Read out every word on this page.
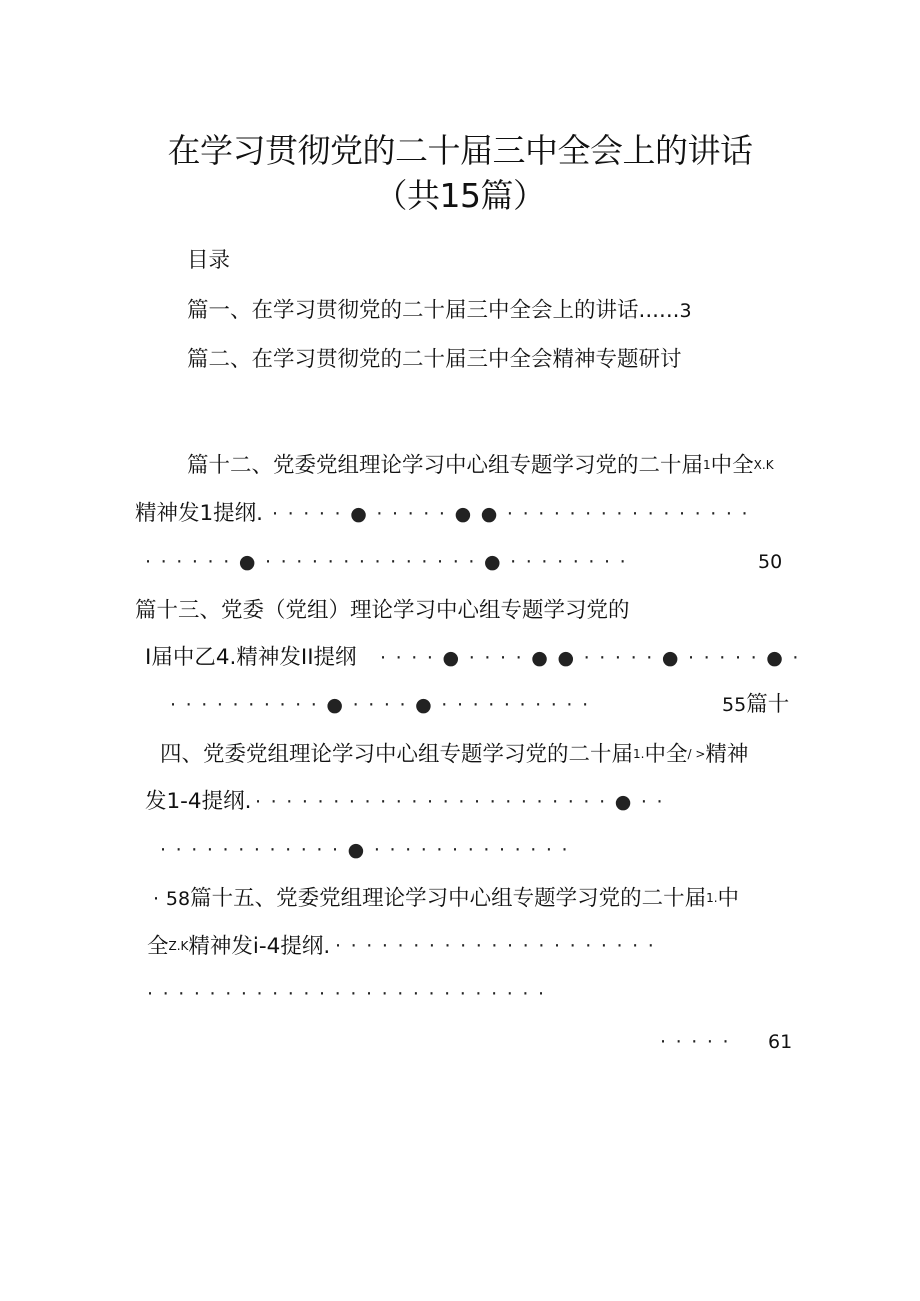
在学习贯彻党的二十届三中全会上的讲话
（共15篇）
目录
篇一、在学习贯彻党的二十届三中全会上的讲话......3
篇二、在学习贯彻党的二十届三中全会精神专题研讨
篇十二、党委党组理论学习中心组专题学习党的二十届1中全X.K
精神发1提纲. ·····●·····●●················
······●··············●········	50
篇十三、党委（党组）理论学习中心组专题学习党的
I届中乙4.精神发II提纲 ····●····●●·····●·····●·
··········●····●··········	55篇十
四、党委党组理论学习中心组专题学习党的二十届1.中全/ >精神
发1-4提纲. ·······················●··
············●·············
· 58篇十五、党委党组理论学习中心组专题学习党的二十届1.中
全Z.K精神发i-4提纲. ·····················
··························
····· 61
